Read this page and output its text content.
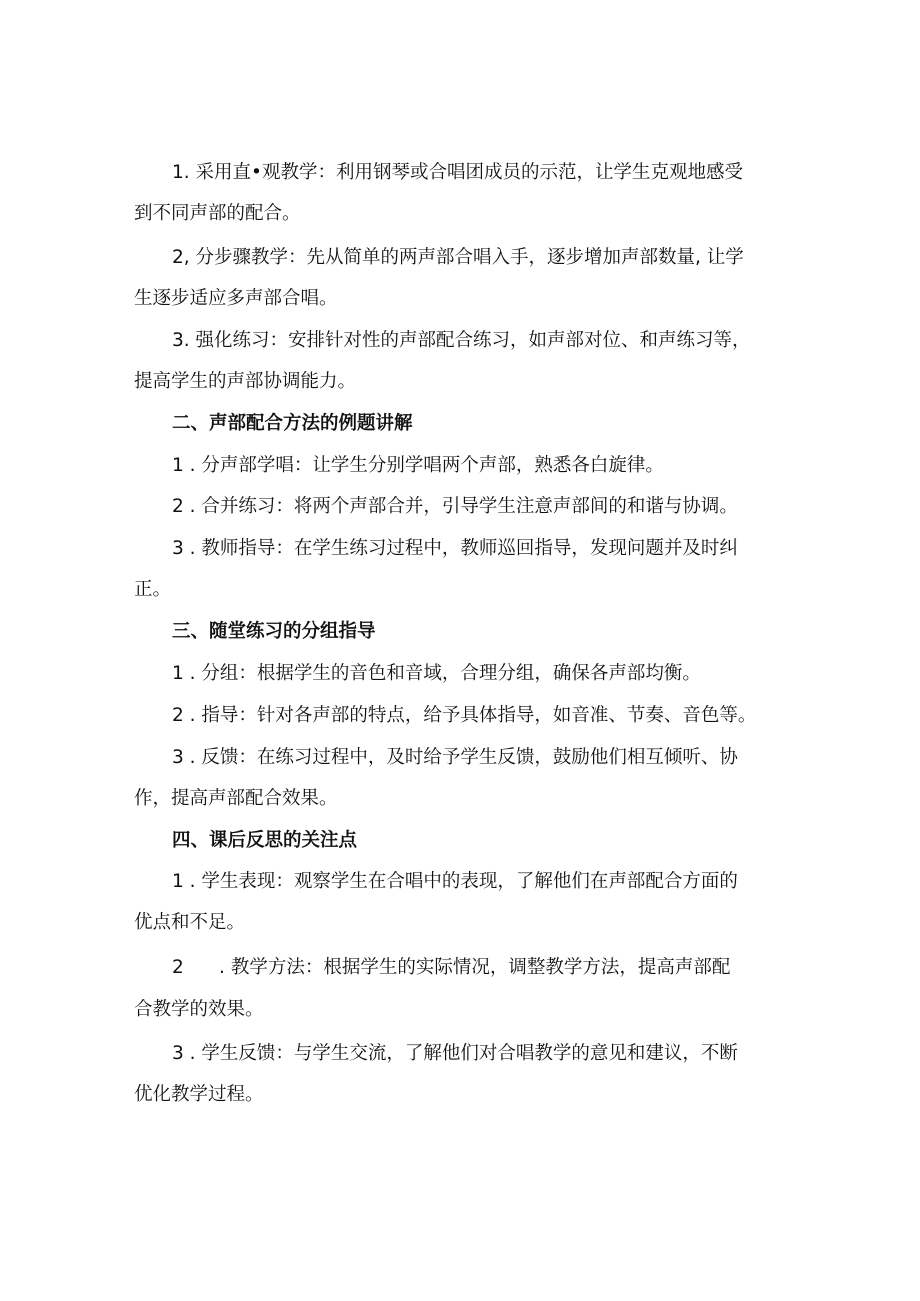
1. 采用直•观教学：利用钢琴或合唱团成员的示范，让学生克观地感受
到不同声部的配合。
2, 分步骤教学：先从简单的两声部合唱入手，逐步增加声部数量, 让学
生逐步适应多声部合唱。
3. 强化练习：安排针对性的声部配合练习，如声部对位、和声练习等，
提高学生的声部协调能力。
二、声部配合方法的例题讲解
1 . 分声部学唱：让学生分别学唱两个声部，熟悉各白旋律。
2 . 合并练习：将两个声部合并，引导学生注意声部间的和谐与协调。
3 . 教师指导：在学生练习过程中，教师巡回指导，发现问题并及时纠
正。
三、随堂练习的分组指导
1 . 分组：根据学生的音色和音域，合理分组，确保各声部均衡。
2 . 指导：针对各声部的特点，给予具体指导，如音准、节奏、音色等。
3 . 反馈：在练习过程中，及时给予学生反馈，鼓励他们相互倾听、协
作，提高声部配合效果。
四、课后反思的关注点
1 . 学生表现：观察学生在合唱中的表现，了解他们在声部配合方面的
优点和不足。
2      . 教学方法：根据学生的实际情况，调整教学方法，提高声部配
合教学的效果。
3 . 学生反馈：与学生交流，了解他们对合唱教学的意见和建议，不断
优化教学过程。
